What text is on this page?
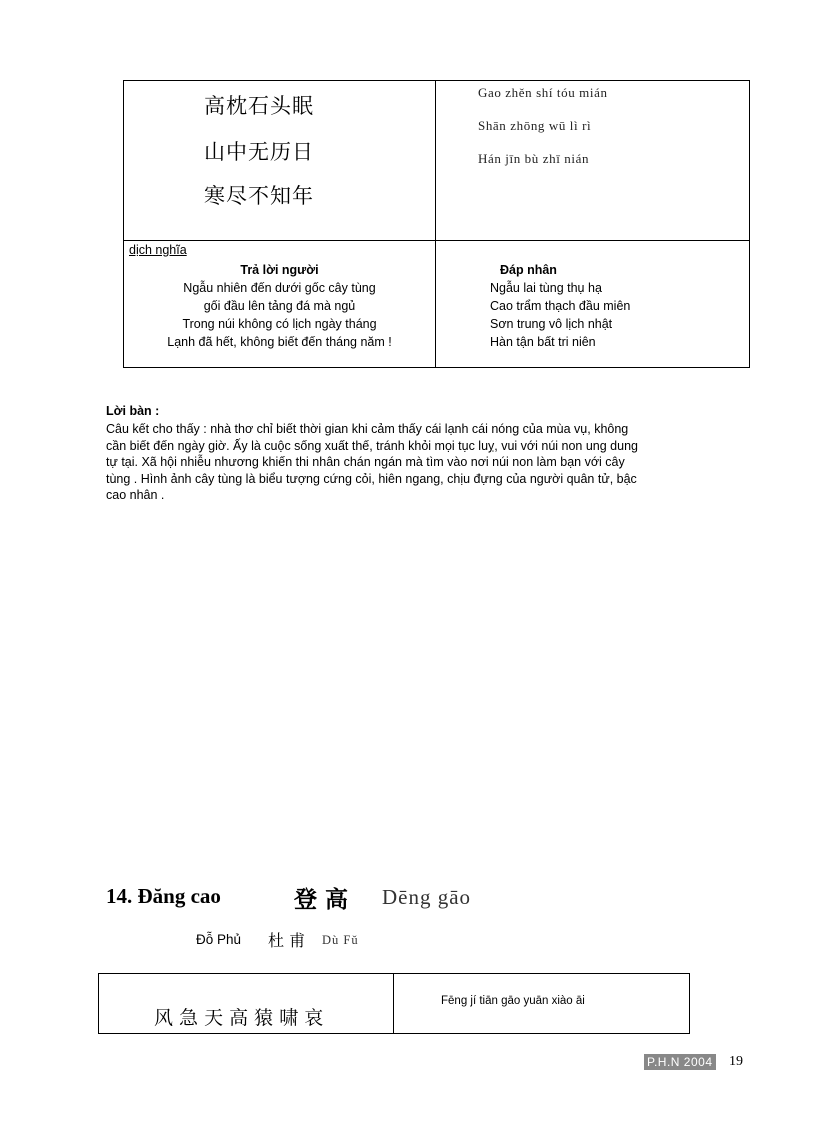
高枕石头眠
山中无历日
寒尽不知年
Gao zhěn shí tóu mián
Shān zhōng wū lì rì
Hán jīn bù zhī nián
dịch nghĩa
Trả lời người
Ngẫu nhiên đến dưới gốc cây tùng
gối đầu lên tảng đá mà ngủ
Trong núi không có lịch ngày tháng
Lạnh đã hết, không biết đến tháng năm !
Đáp nhân
Ngẫu lai tùng thụ hạ
Cao trẩm thạch đầu miên
Sơn trung vô lịch nhật
Hàn tận bất tri niên
Lời bàn :
Câu kết cho thấy : nhà thơ chỉ biết thời gian khi cảm thấy cái lạnh cái nóng của mùa vụ, không
cần biết đến ngày giờ. Ấy là cuộc sống xuất thế, tránh khỏi mọi tục luỵ, vui với núi non ung dung
tự tại. Xã hội nhiễu nhương khiến thi nhân chán ngán mà tìm vào nơi núi non làm bạn với cây
tùng . Hình ảnh cây tùng là biểu tượng cứng cỏi, hiên ngang, chịu đựng của người quân tử, bậc
cao nhân .
14. Đăng cao	登 高 Dēng gāo
Đỗ Phủ 杜 甫 Dù Fǔ
风 急 天 高 猿 啸 哀
Fēng jí tiān gāo yuān xiào āi
P.H.N 2004 19
